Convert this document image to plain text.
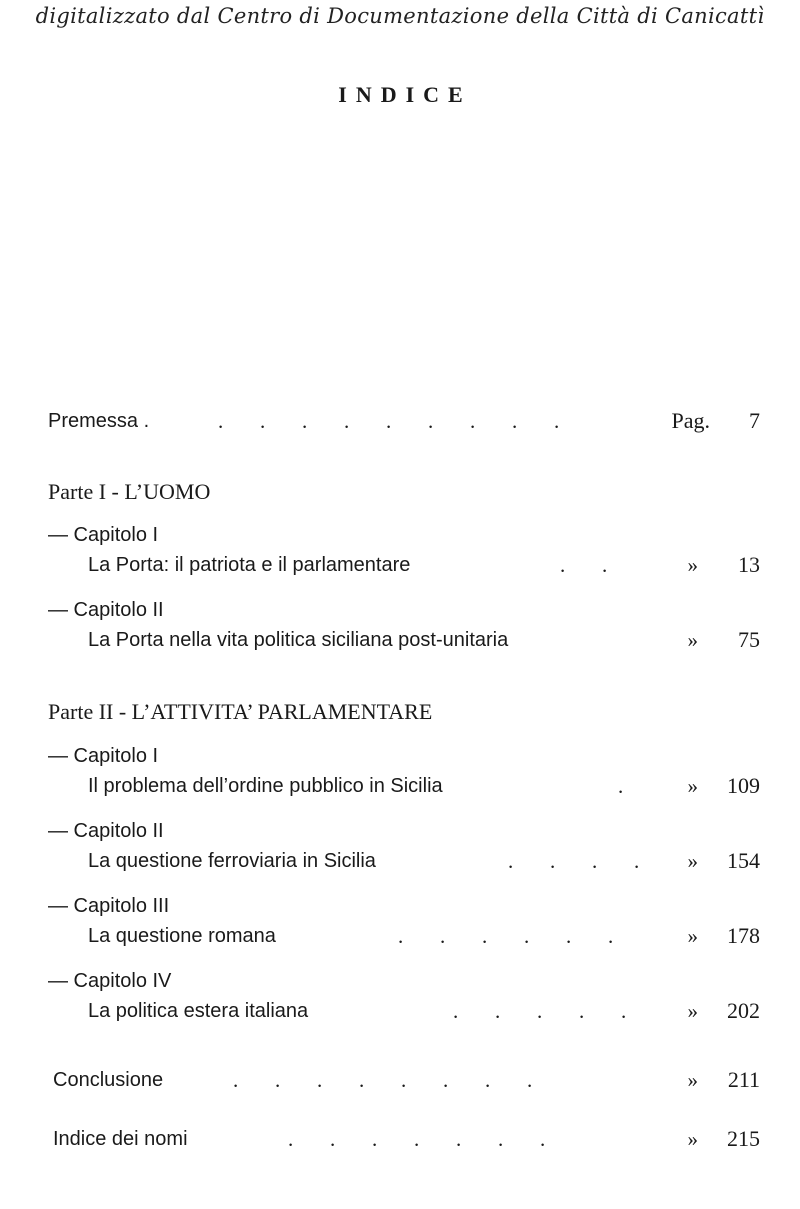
digitalizzato dal Centro di Documentazione della Città di Canicattì
INDICE
Premessa .	.       .       .       .       .       .       .       .       .	Pag. 7
Parte I - L’UOMO
— Capitolo I
La Porta: il patriota e il parlamentare	.       .	» 13
— Capitolo II
La Porta nella vita politica siciliana post-unitaria	» 75
Parte II - L’ATTIVITA’ PARLAMENTARE
— Capitolo I
Il problema dell’ordine pubblico in Sicilia	.	» 109
— Capitolo II
La questione ferroviaria in Sicilia	.       .       .       . » 154
— Capitolo III
La questione romana	.       .       .       .       .       .	» 178
— Capitolo IV
La politica estera italiana	.       .       .       .       .	» 202
Conclusione	.       .       .       .       .       .       .       .	» 211
Indice dei nomi	.       .       .       .       .       .       .	» 215
